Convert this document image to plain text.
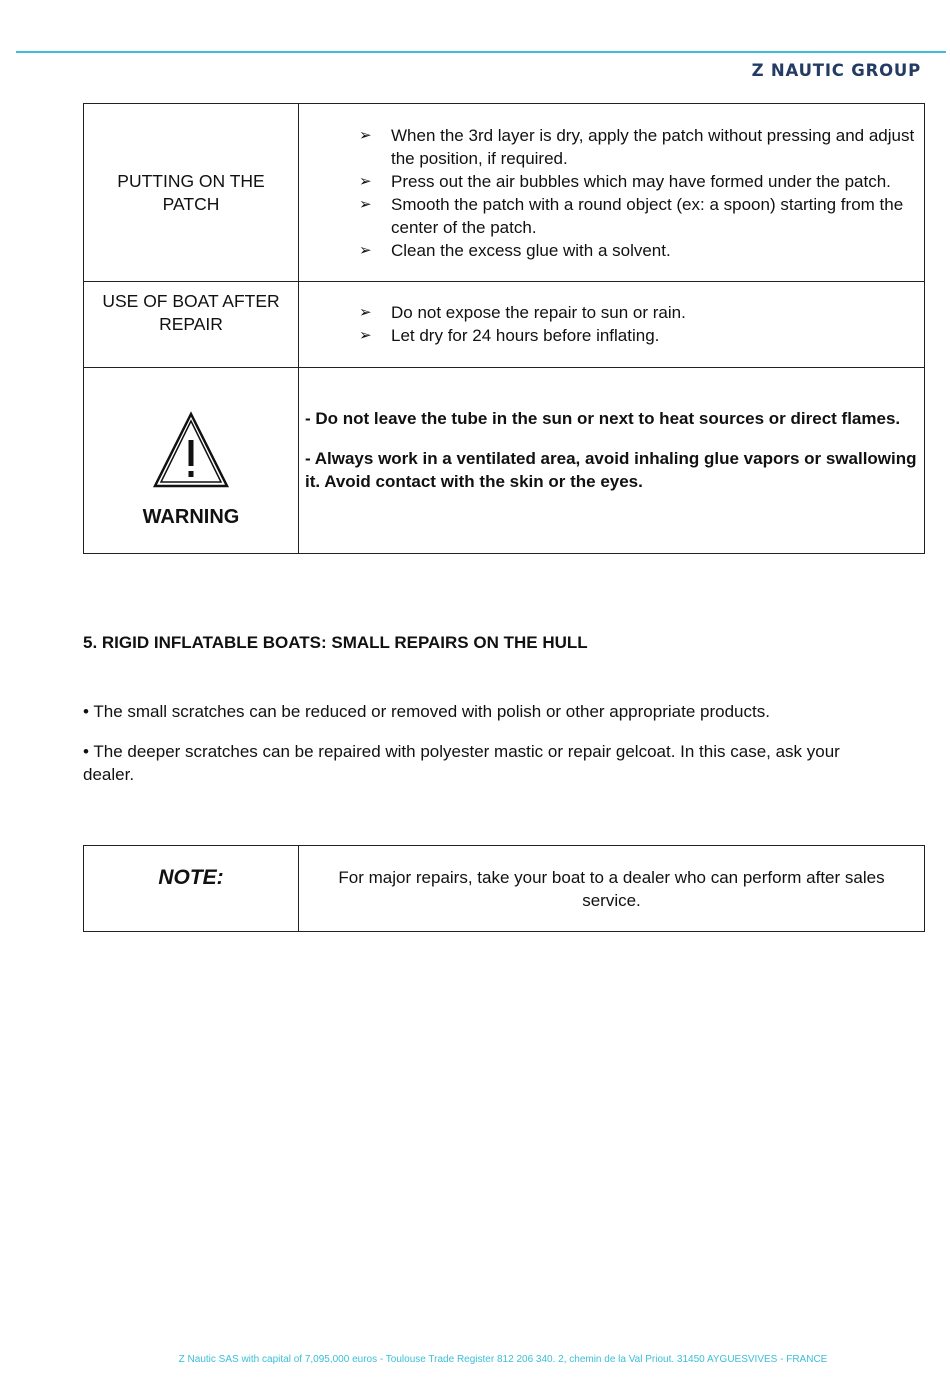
Z NAUTIC GROUP
PUTTING ON THE PATCH
➢ When the 3rd layer is dry, apply the patch without pressing and adjust the position, if required.
➢ Press out the air bubbles which may have formed under the patch.
➢ Smooth the patch with a round object (ex: a spoon) starting from the center of the patch.
➢ Clean the excess glue with a solvent.
USE OF BOAT AFTER REPAIR
➢ Do not expose the repair to sun or rain.
➢ Let dry for 24 hours before inflating.
WARNING

- Do not leave the tube in the sun or next to heat sources or direct flames.

- Always work in a ventilated area, avoid inhaling glue vapors or swallowing it. Avoid contact with the skin or the eyes.

5. RIGID INFLATABLE BOATS: SMALL REPAIRS ON THE HULL
• The small scratches can be reduced or removed with polish or other appropriate products.
• The deeper scratches can be repaired with polyester mastic or repair gelcoat. In this case, ask your dealer.
NOTE:	For major repairs, take your boat to a dealer who can perform after sales service.
Z Nautic SAS with capital of 7,095,000 euros - Toulouse Trade Register 812 206 340. 2, chemin de la Val Priout. 31450 AYGUESVIVES - FRANCE
